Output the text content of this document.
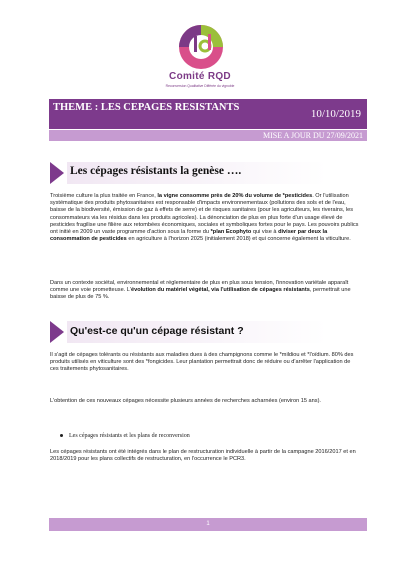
Comité RQD
Reconversion Qualitative Différée du vignoble
THEME : LES CEPAGES RESISTANTS
10/10/2019
MISE A JOUR DU 27/09/2021
Les cépages résistants la genèse ….
Troisième culture la plus traitée en France, la vigne consomme près de 20% du volume de *pesticides. Or l'utilisation systématique des produits phytosanitaires est responsable d'impacts environnementaux (pollutions des sols et de l'eau, baisse de la biodiversité, émission de gaz à effets de serre) et de risques sanitaires (pour les agriculteurs, les riverains, les consommateurs via les résidus dans les produits agricoles). La dénonciation de plus en plus forte d'un usage élevé de pesticides fragilise une filière aux retombées économiques, sociales et symboliques fortes pour le pays. Les pouvoirs publics ont initié en 2009 un vaste programme d'action sous la forme du *plan Ecophyto qui vise à diviser par deux la consommation de pesticides en agriculture à l'horizon 2025 (initialement 2018) et qui concerne également la viticulture.
Dans un contexte sociétal, environnemental et réglementaire de plus en plus sous tension, l'innovation variétale apparaît comme une voie prometteuse. L'évolution du matériel végétal, via l'utilisation de cépages résistants, permettrait une baisse de plus de 75 %.
Qu'est-ce qu'un cépage résistant ?
Il s'agit de cépages tolérants ou résistants aux maladies dues à des champignons comme le *mildiou et *l'oïdium. 80% des produits utilisés en viticulture sont des *fongicides. Leur plantation permettrait donc de réduire ou d'arrêter l'application de ces traitements phytosanitaires.
L'obtention de ces nouveaux cépages nécessite plusieurs années de recherches acharnées (environ 15 ans).
Les cépages résistants et les plans de reconversion
Les cépages résistants ont été intégrés dans le plan de restructuration individuelle à partir de la campagne 2016/2017 et en 2018/2019 pour les plans collectifs de restructuration, en l'occurrence le PCR3.
1
